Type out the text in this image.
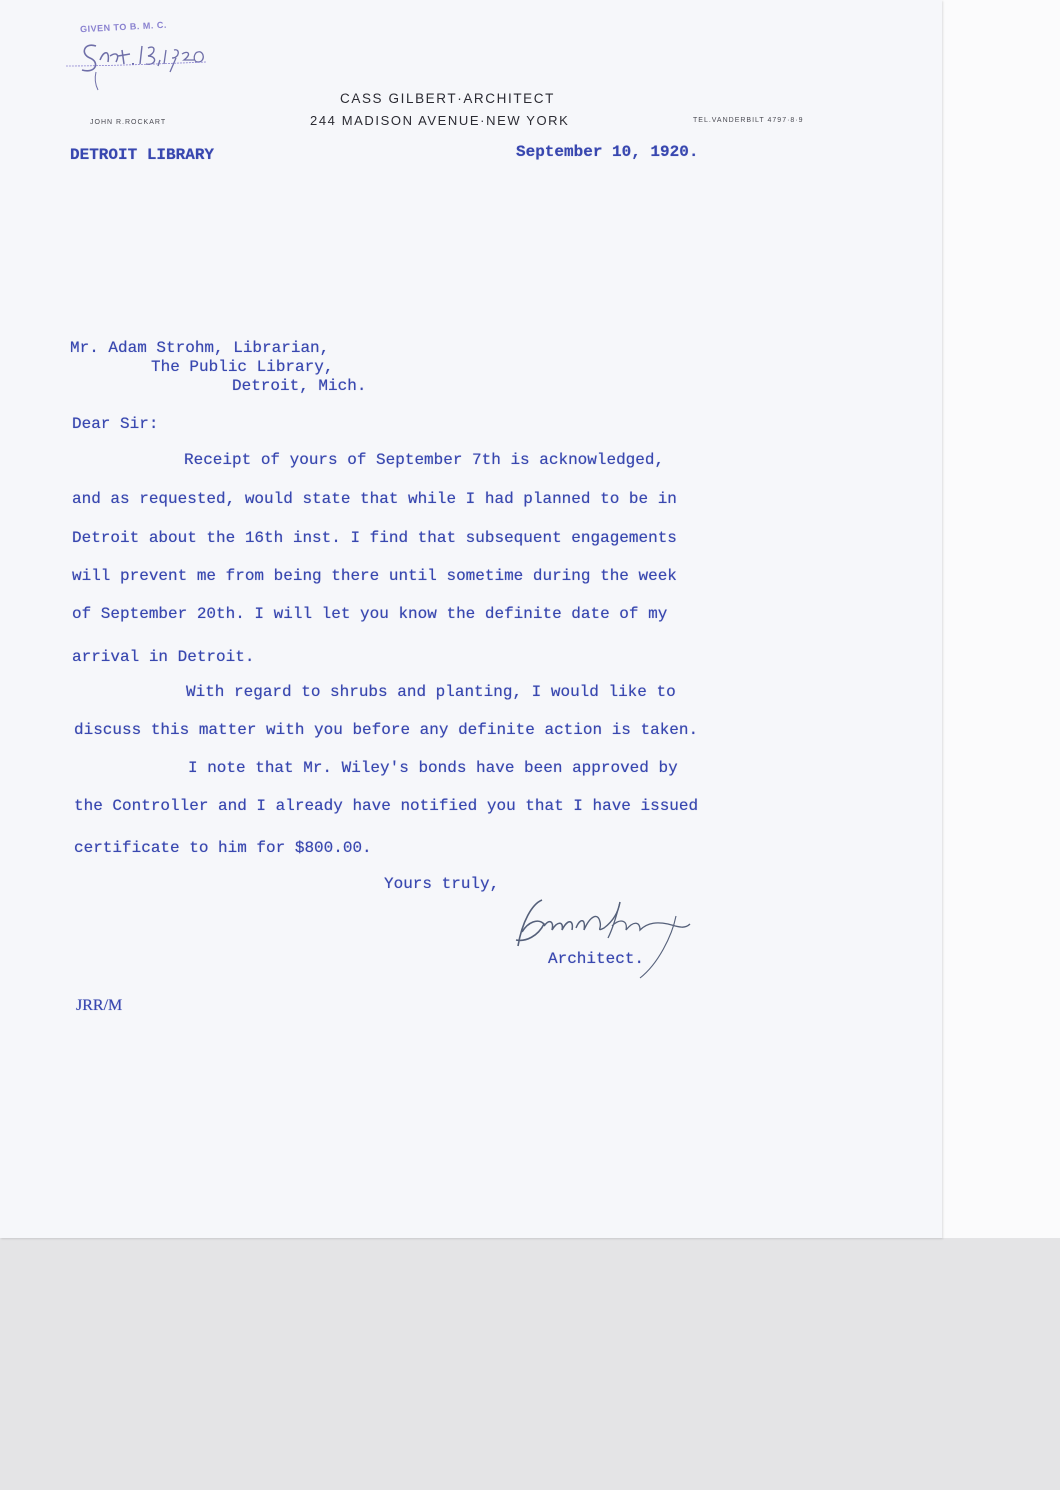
GIVEN TO B. M. C.
CASS GILBERT·ARCHITECT
244 MADISON AVENUE·NEW YORK
JOHN R.ROCKART	TEL.VANDERBILT 4797·8·9
DETROIT LIBRARY	September 10, 1920.
Mr. Adam Strohm, Librarian,
The Public Library,
Detroit, Mich.
Dear Sir:
Receipt of yours of September 7th is acknowledged,
and as requested, would state that while I had planned to be in
Detroit about the 16th inst. I find that subsequent engagements
will prevent me from being there until sometime during the week
of September 20th. I will let you know the definite date of my
arrival in Detroit.
With regard to shrubs and planting, I would like to
discuss this matter with you before any definite action is taken.
I note that Mr. Wiley's bonds have been approved by
the Controller and I already have notified you that I have issued
certificate to him for $800.00.
Yours truly,
Architect.
JRR/M
